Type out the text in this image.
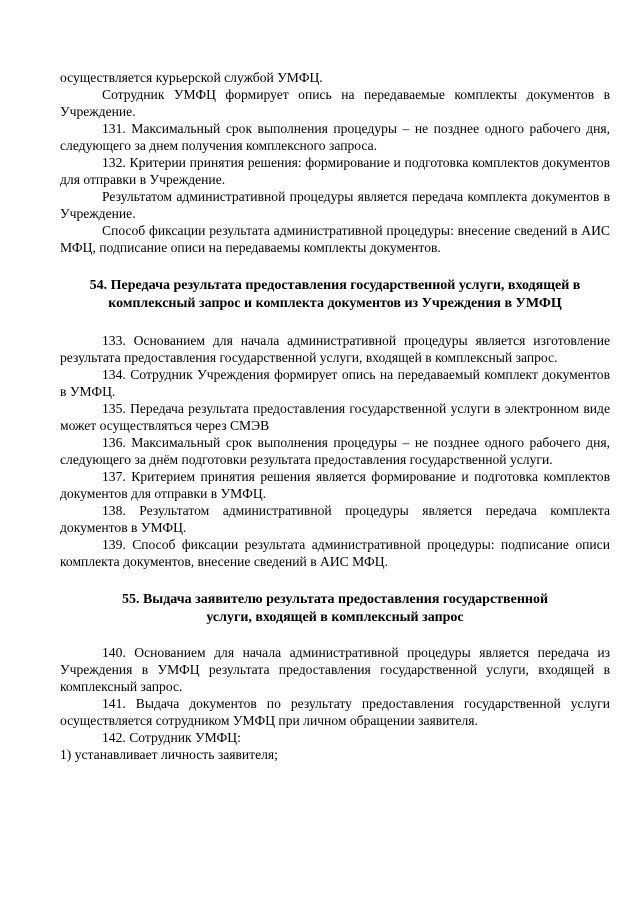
осуществляется курьерской службой УМФЦ.

Сотрудник УМФЦ формирует опись на передаваемые комплекты документов в Учреждение.

131. Максимальный срок выполнения процедуры – не позднее одного рабочего дня, следующего за днем получения комплексного запроса.

132. Критерии принятия решения: формирование и подготовка комплектов документов для отправки в Учреждение.

Результатом административной процедуры является передача комплекта документов в Учреждение.

Способ фиксации результата административной процедуры: внесение сведений в АИС МФЦ, подписание описи на передаваемы комплекты документов.

54. Передача результата предоставления государственной услуги, входящей в комплексный запрос и комплекта документов из Учреждения в УМФЦ

133. Основанием для начала административной процедуры является изготовление результата предоставления государственной услуги, входящей в комплексный запрос.

134. Сотрудник Учреждения формирует опись на передаваемый комплект документов в УМФЦ.

135. Передача результата предоставления государственной услуги в электронном виде может осуществляться через СМЭВ

136. Максимальный срок выполнения процедуры – не позднее одного рабочего дня, следующего за днём подготовки результата предоставления государственной услуги.

137. Критерием принятия решения является формирование и подготовка комплектов документов для отправки в УМФЦ.

138. Результатом административной процедуры является передача комплекта документов в УМФЦ.

139. Способ фиксации результата административной процедуры: подписание описи комплекта документов, внесение сведений в АИС МФЦ.

55. Выдача заявителю результата предоставления государственной услуги, входящей в комплексный запрос

140. Основанием для начала административной процедуры является передача из Учреждения в УМФЦ результата предоставления государственной услуги, входящей в комплексный запрос.

141. Выдача документов по результату предоставления государственной услуги осуществляется сотрудником УМФЦ при личном обращении заявителя.

142. Сотрудник УМФЦ:

1) устанавливает личность заявителя;
